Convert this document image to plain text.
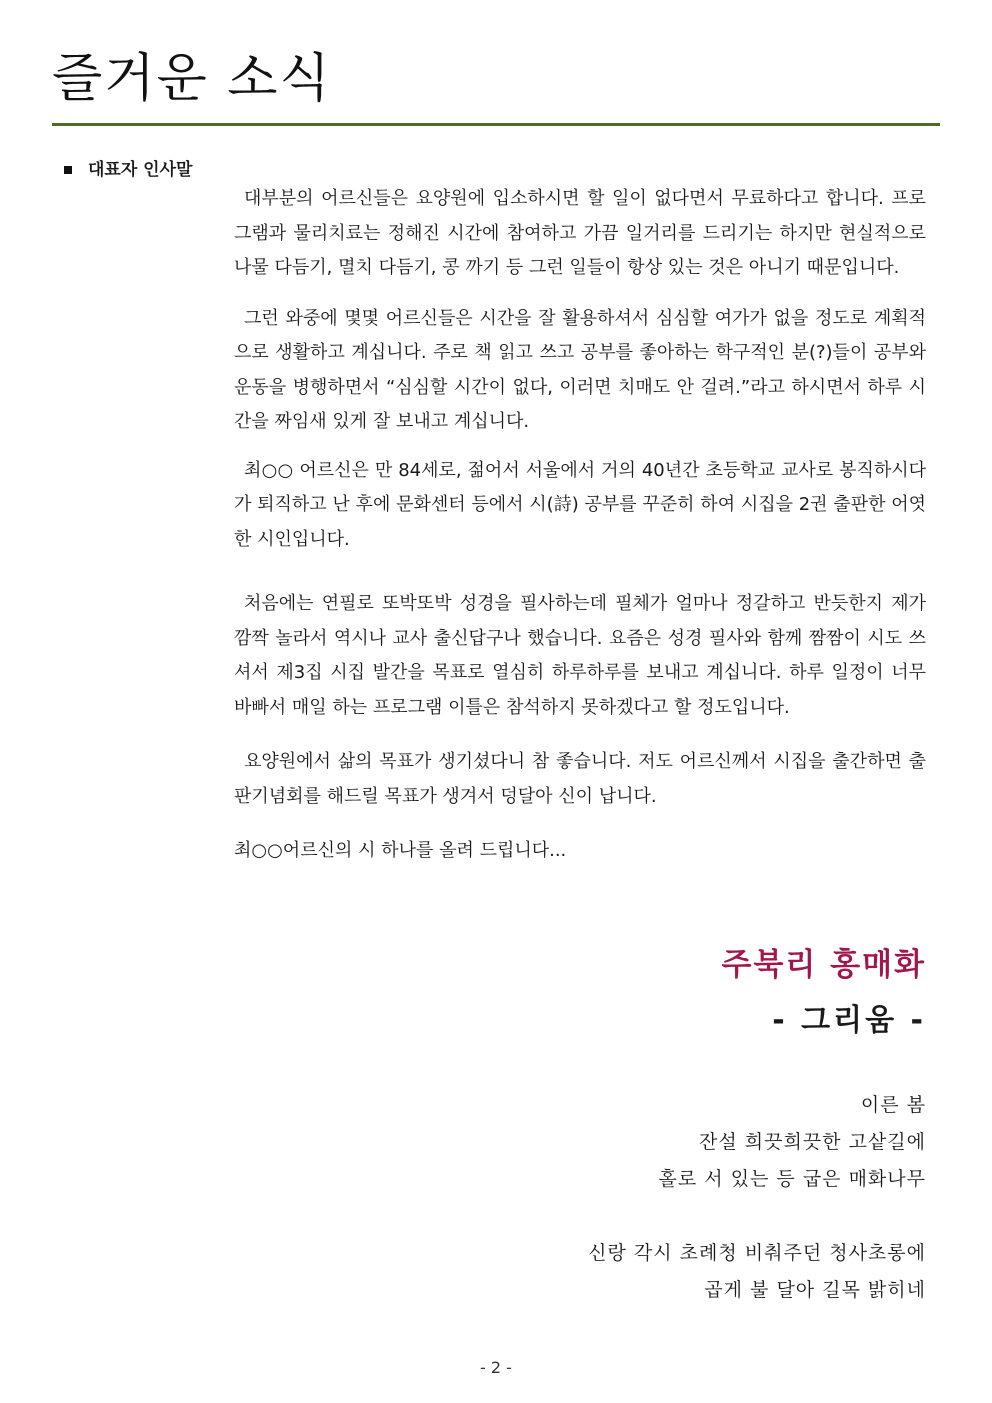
즐거운 소식
대표자 인사말

대부분의 어르신들은 요양원에 입소하시면 할 일이 없다면서 무료하다고 합니다. 프로그램과 물리치료는 정해진 시간에 참여하고 가끔 일거리를 드리기는 하지만 현실적으로 나물 다듬기, 멸치 다듬기, 콩 까기 등 그런 일들이 항상 있는 것은 아니기 때문입니다.

그런 와중에 몇몇 어르신들은 시간을 잘 활용하셔서 심심할 여가가 없을 정도로 계획적으로 생활하고 계십니다. 주로 책 읽고 쓰고 공부를 좋아하는 학구적인 분(?)들이 공부와 운동을 병행하면서 “심심할 시간이 없다, 이러면 치매도 안 걸려.”라고 하시면서 하루 시간을 짜임새 있게 잘 보내고 계십니다.

최○○ 어르신은 만 84세로, 젊어서 서울에서 거의 40년간 초등학교 교사로 봉직하시다가 퇴직하고 난 후에 문화센터 등에서 시(詩) 공부를 꾸준히 하여 시집을 2권 출판한 어엿한 시인입니다.

처음에는 연필로 또박또박 성경을 필사하는데 필체가 얼마나 정갈하고 반듯한지 제가 깜짝 놀라서 역시나 교사 출신답구나 했습니다. 요즘은 성경 필사와 함께 짬짬이 시도 쓰셔서 제3집 시집 발간을 목표로 열심히 하루하루를 보내고 계십니다. 하루 일정이 너무 바빠서 매일 하는 프로그램 이틀은 참석하지 못하겠다고 할 정도입니다.

요양원에서 삶의 목표가 생기셨다니 참 좋습니다. 저도 어르신께서 시집을 출간하면 출판기념회를 해드릴 목표가 생겨서 덩달아 신이 납니다.

최○○어르신의 시 하나를 올려 드립니다...

주북리 홍매화
- 그리움 -
이른 봄
잔설 희끗희끗한 고샅길에
홀로 서 있는 등 굽은 매화나무
신랑 각시 초례청 비춰주던 청사초롱에
곱게 불 달아 길목 밝히네
- 2 -
